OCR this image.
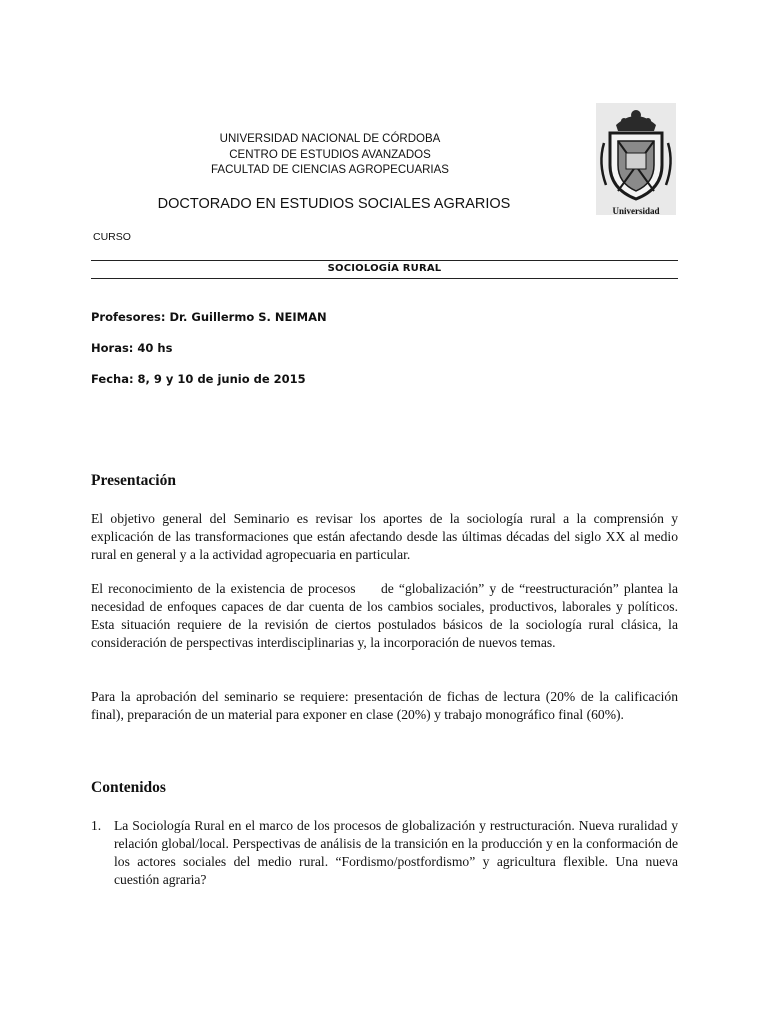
UNIVERSIDAD NACIONAL DE CÓRDOBA
CENTRO DE ESTUDIOS AVANZADOS
FACULTAD DE CIENCIAS AGROPECUARIAS
DOCTORADO EN ESTUDIOS SOCIALES AGRARIOS	Universidad
CURSO
SOCIOLOGÍA RURAL
Profesores: Dr. Guillermo S. NEIMAN
Horas: 40 hs
Fecha: 8, 9 y 10 de junio de 2015
Presentación
El objetivo general del Seminario es revisar los aportes de la sociología rural a la comprensión y explicación de las transformaciones que están afectando desde las últimas décadas del siglo XX al medio rural en general y a la actividad agropecuaria en particular.
El reconocimiento de la existencia de procesos     de “globalización” y de “reestructuración” plantea la necesidad de enfoques capaces de dar cuenta de los cambios sociales, productivos, laborales y políticos. Esta situación requiere de la revisión de ciertos postulados básicos de la sociología rural clásica, la consideración de perspectivas interdisciplinarias y, la incorporación de nuevos temas.
Para la aprobación del seminario se requiere: presentación de fichas de lectura (20% de la calificación final), preparación de un material para exponer en clase (20%) y trabajo monográfico final (60%).
Contenidos
1. La Sociología Rural en el marco de los procesos de globalización y restructuración. Nueva ruralidad y relación global/local. Perspectivas de análisis de la transición en la producción y en la conformación de los actores sociales del medio rural. “Fordismo/postfordismo” y agricultura flexible. Una nueva cuestión agraria?
